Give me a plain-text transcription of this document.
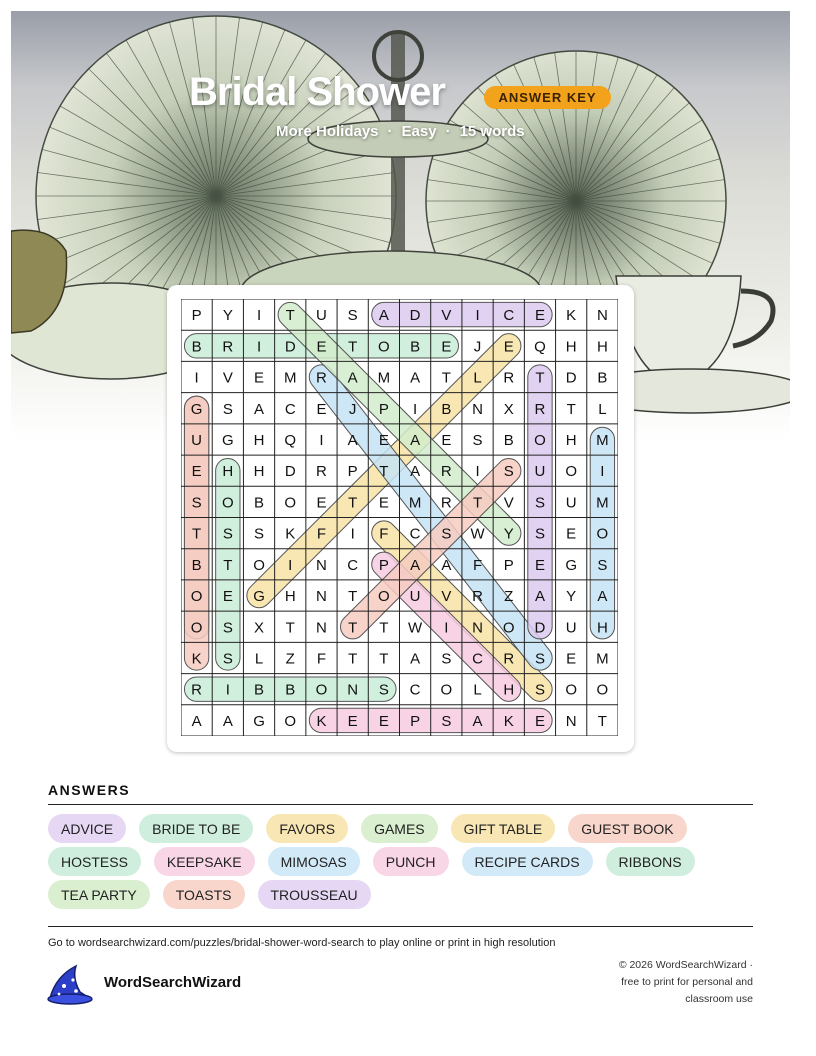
Bridal Shower	ANSWER KEY
More Holidays · Easy · 15 words
P Y I T U S A D V I C E K N
B R I D E T O B E J E Q H H
I V E M R A M A T L R T D B
G S A C E J P I B N X R T L
U G H Q I A E A E S B O H M
E H H D R P T A R I S U O I
S O B O E T E M R T V S U M
T S S K F I F C S W Y S E O
B T O I N C P A A F P E G S
O E G H N T O U V R Z A Y A
O S X T N T T W I N O D U H
K S L Z F T T A S C R S E M
R I B B O N S C O L H S O O
A A G O K E E P S A K E N T
ANSWERS
ADVICE	BRIDE TO BE	FAVORS	GAMES	GIFT TABLE	GUEST BOOK
HOSTESS	KEEPSAKE	MIMOSAS	PUNCH	RECIPE CARDS	RIBBONS
TEA PARTY	TOASTS	TROUSSEAU
Go to wordsearchwizard.com/puzzles/bridal-shower-word-search to play online or print in high resolution
WordSearchWizard
© 2026 WordSearchWizard ·
free to print for personal and
classroom use
